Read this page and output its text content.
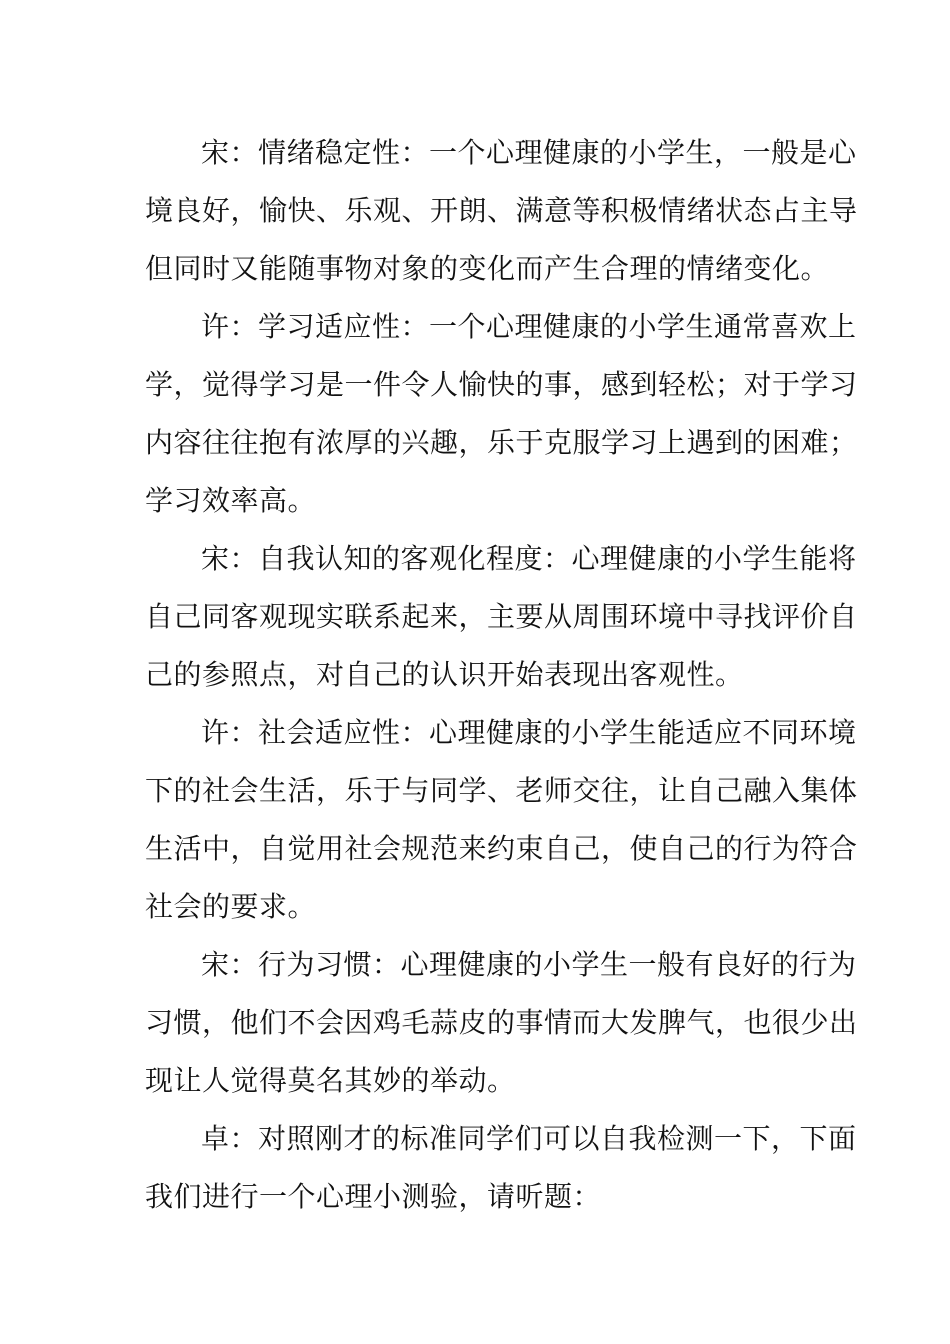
宋：情绪稳定性：一个心理健康的小学生，一般是心
境良好，愉快、乐观、开朗、满意等积极情绪状态占主导
但同时又能随事物对象的变化而产生合理的情绪变化。
许：学习适应性：一个心理健康的小学生通常喜欢上
学，觉得学习是一件令人愉快的事，感到轻松；对于学习
内容往往抱有浓厚的兴趣，乐于克服学习上遇到的困难；
学习效率高。
宋：自我认知的客观化程度：心理健康的小学生能将
自己同客观现实联系起来，主要从周围环境中寻找评价自
己的参照点，对自己的认识开始表现出客观性。
许：社会适应性：心理健康的小学生能适应不同环境
下的社会生活，乐于与同学、老师交往，让自己融入集体
生活中，自觉用社会规范来约束自己，使自己的行为符合
社会的要求。
宋：行为习惯：心理健康的小学生一般有良好的行为
习惯，他们不会因鸡毛蒜皮的事情而大发脾气，也很少出
现让人觉得莫名其妙的举动。
卓：对照刚才的标准同学们可以自我检测一下，下面
我们进行一个心理小测验，请听题：
